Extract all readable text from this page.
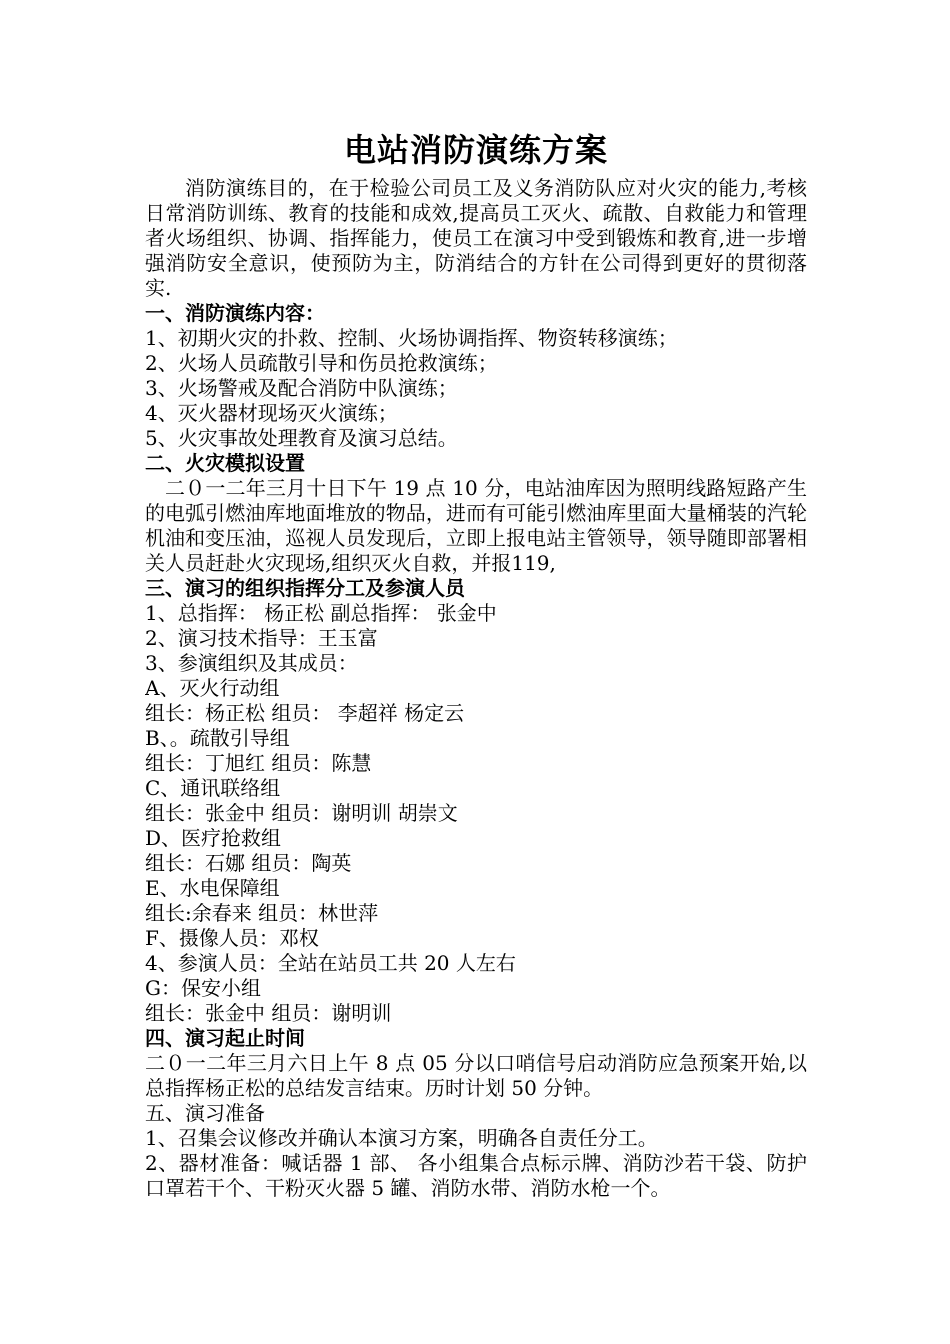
电站消防演练方案

消防演练目的，在于检验公司员工及义务消防队应对火灾的能力,考核日常消防训练、教育的技能和成效,提高员工灭火、疏散、自救能力和管理者火场组织、协调、指挥能力，使员工在演习中受到锻炼和教育,进一步增强消防安全意识，使预防为主，防消结合的方针在公司得到更好的贯彻落实.

一、消防演练内容：
1、初期火灾的扑救、控制、火场协调指挥、物资转移演练；
2、火场人员疏散引导和伤员抢救演练；
3、火场警戒及配合消防中队演练；
4、灭火器材现场灭火演练；
5、火灾事故处理教育及演习总结。
二、火灾模拟设置

二０一二年三月十日下午 19 点 10 分，电站油库因为照明线路短路产生的电弧引燃油库地面堆放的物品，进而有可能引燃油库里面大量桶装的汽轮机油和变压油，巡视人员发现后，立即上报电站主管领导，领导随即部署相关人员赶赴火灾现场,组织灭火自救，并报119,

三、演习的组织指挥分工及参演人员
1、总指挥： 杨正松 副总指挥： 张金中
2、演习技术指导：王玉富
3、参演组织及其成员：
A、灭火行动组
组长：杨正松 组员： 李超祥 杨定云
B、。疏散引导组
组长：丁旭红 组员：陈慧
C、通讯联络组
组长：张金中 组员：谢明训 胡崇文
D、医疗抢救组
组长：石娜 组员：陶英
E、水电保障组
组长:余春来 组员：林世萍
F、摄像人员：邓权
4、参演人员：全站在站员工共 20 人左右
G：保安小组
组长：张金中 组员：谢明训
四、演习起止时间

二０一二年三月六日上午 8 点 05 分以口哨信号启动消防应急预案开始,以总指挥杨正松的总结发言结束。历时计划 50 分钟。

五、演习准备
1、召集会议修改并确认本演习方案，明确各自责任分工。

2、器材准备：喊话器 1 部、 各小组集合点标示牌、消防沙若干袋、防护口罩若干个、干粉灭火器 5 罐、消防水带、消防水枪一个。
